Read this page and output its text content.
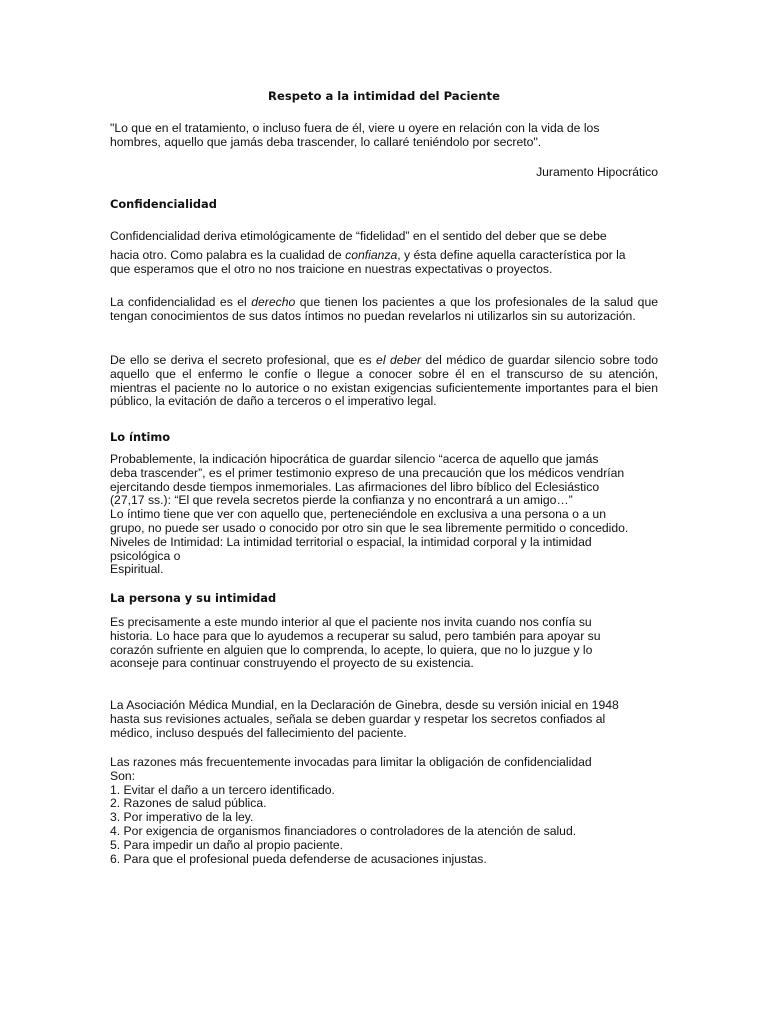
Respeto a la intimidad del Paciente

"Lo que en el tratamiento, o incluso fuera de él, viere u oyere en relación con la vida de los

hombres, aquello que jamás deba trascender, lo callaré teniéndolo por secreto".

Juramento Hipocrático
Confidencialidad

Confidencialidad deriva etimológicamente de “fidelidad” en el sentido del deber que se debe

hacia otro. Como palabra es la cualidad de confianza, y ésta define aquella característica por la

que esperamos que el otro no nos traicione en nuestras expectativas o proyectos.

La confidencialidad es el derecho que tienen los pacientes a que los profesionales de la salud que tengan conocimientos de sus datos íntimos no puedan revelarlos ni utilizarlos sin su autorización.

De ello se deriva el secreto profesional, que es el deber del médico de guardar silencio sobre todo aquello que el enfermo le confíe o llegue a conocer sobre él en el transcurso de su atención, mientras el paciente no lo autorice o no existan exigencias suficientemente importantes para el bien público, la evitación de daño a terceros o el imperativo legal.

Lo íntimo

Probablemente, la indicación hipocrática de guardar silencio “acerca de aquello que jamás

deba trascender”, es el primer testimonio expreso de una precaución que los médicos vendrían

ejercitando desde tiempos inmemoriales. Las afirmaciones del libro bíblico del Eclesiástico

(27,17 ss.): “El que revela secretos pierde la confianza y no encontrará a un amigo…”

Lo íntimo tiene que ver con aquello que, perteneciéndole en exclusiva a una persona o a un

grupo, no puede ser usado o conocido por otro sin que le sea libremente permitido o concedido.

Niveles de Intimidad: La intimidad territorial o espacial, la intimidad corporal y la intimidad

psicológica o

Espiritual.

La persona y su intimidad

Es precisamente a este mundo interior al que el paciente nos invita cuando nos confía su

historia. Lo hace para que lo ayudemos a recuperar su salud, pero también para apoyar su

corazón sufriente en alguien que lo comprenda, lo acepte, lo quiera, que no lo juzgue y lo

aconseje para continuar construyendo el proyecto de su existencia.

La Asociación Médica Mundial, en la Declaración de Ginebra, desde su versión inicial en 1948

hasta sus revisiones actuales, señala se deben guardar y respetar los secretos confiados al

médico, incluso después del fallecimiento del paciente.

Las razones más frecuentemente invocadas para limitar la obligación de confidencialidad

Son:

1. Evitar el daño a un tercero identificado.

2. Razones de salud pública.

3. Por imperativo de la ley.

4. Por exigencia de organismos financiadores o controladores de la atención de salud.

5. Para impedir un daño al propio paciente.

6. Para que el profesional pueda defenderse de acusaciones injustas.
